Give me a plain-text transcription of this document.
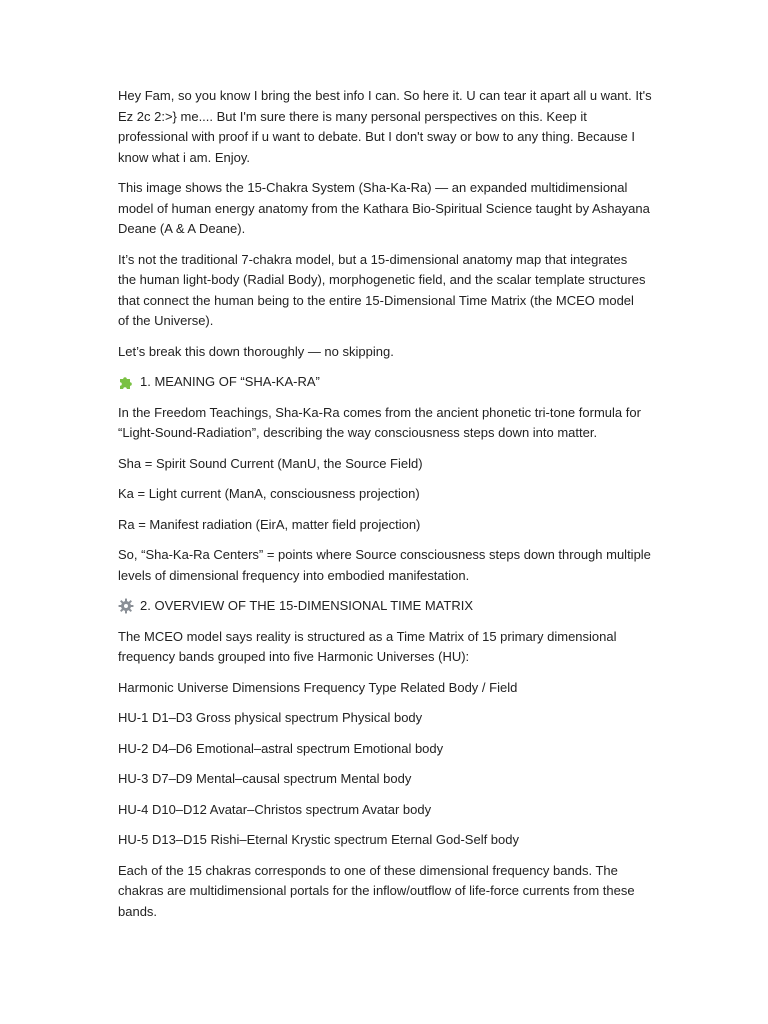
Hey Fam, so you know I bring the best info I can. So here it. U can tear it apart all u want. It's
Ez 2c 2:>} me.... But I'm sure there is many personal perspectives on this. Keep it
professional with proof if u want to debate. But I don't sway or bow to any thing. Because I
know what i am. Enjoy.
This image shows the 15-Chakra System (Sha-Ka-Ra) — an expanded multidimensional
model of human energy anatomy from the Kathara Bio-Spiritual Science taught by Ashayana
Deane (A & A Deane).
It’s not the traditional 7-chakra model, but a 15-dimensional anatomy map that integrates
the human light-body (Radial Body), morphogenetic field, and the scalar template structures
that connect the human being to the entire 15-Dimensional Time Matrix (the MCEO model
of the Universe).
Let’s break this down thoroughly — no skipping.
1. MEANING OF “SHA-KA-RA”
In the Freedom Teachings, Sha-Ka-Ra comes from the ancient phonetic tri-tone formula for
“Light-Sound-Radiation”, describing the way consciousness steps down into matter.
Sha = Spirit Sound Current (ManU, the Source Field)
Ka = Light current (ManA, consciousness projection)
Ra = Manifest radiation (EirA, matter field projection)
So, “Sha-Ka-Ra Centers” = points where Source consciousness steps down through multiple
levels of dimensional frequency into embodied manifestation.
2. OVERVIEW OF THE 15-DIMENSIONAL TIME MATRIX
The MCEO model says reality is structured as a Time Matrix of 15 primary dimensional
frequency bands grouped into five Harmonic Universes (HU):
Harmonic Universe Dimensions Frequency Type Related Body / Field
HU-1 D1–D3 Gross physical spectrum Physical body
HU-2 D4–D6 Emotional–astral spectrum Emotional body
HU-3 D7–D9 Mental–causal spectrum Mental body
HU-4 D10–D12 Avatar–Christos spectrum Avatar body
HU-5 D13–D15 Rishi–Eternal Krystic spectrum Eternal God-Self body
Each of the 15 chakras corresponds to one of these dimensional frequency bands. The
chakras are multidimensional portals for the inflow/outflow of life-force currents from these
bands.
